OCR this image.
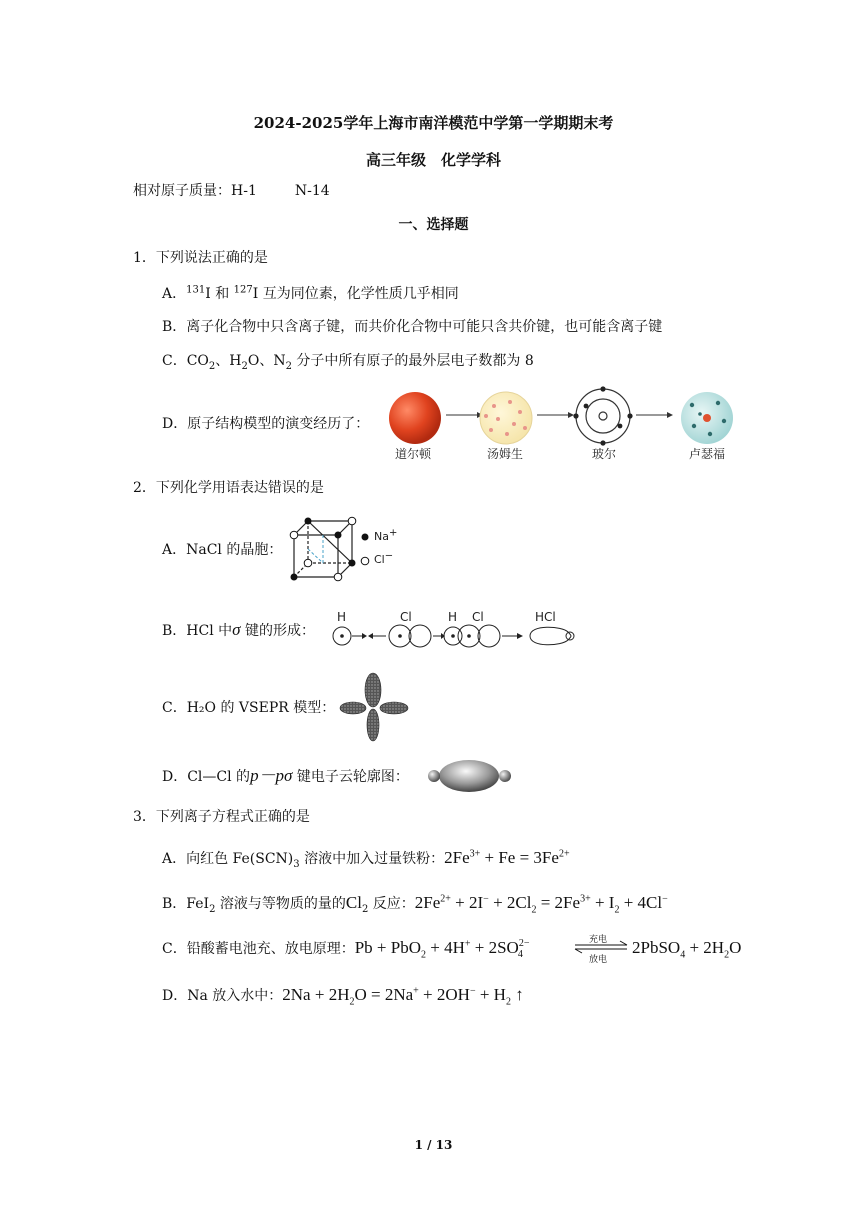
2024-2025学年上海市南洋模范中学第一学期期末考
高三年级　化学学科
相对原子质量：H-1	N-14
一、选择题
1．下列说法正确的是
A．$^{131}$I 和 $^{127}$I 互为同位素，化学性质几乎相同
B．离子化合物中只含离子键，而共价化合物中可能只含共价键，也可能含离子键
C．$CO_2$、$H_2O$、$N_2$ 分子中所有原子的最外层电子数都为 8
D．原子结构模型的演变经历了：
道尔顿	汤姆生	玻尔	卢瑟福
2．下列化学用语表达错误的是
A．NaCl 的晶胞：
Na+
Cl−
B．HCl 中σ 键的形成：
H	Cl	H Cl	HCl
C．H₂O 的 VSEPR 模型：
D．Cl—Cl 的p－pσ 键电子云轮廓图：
3．下列离子方程式正确的是
A．向红色 $Fe(SCN)_3$ 溶液中加入过量铁粉：$2Fe^{3+} + Fe = 3Fe^{2+}$
B．FeI$_2$ 溶液与等物质的量的$Cl_2$ 反应：$2Fe^{2+} + 2I^- + 2Cl_2 = 2Fe^{3+} + I_2 + 4Cl^-$
C．铅酸蓄电池充、放电原理：$Pb + PbO_2 + 4H^+ + 2SO_4^{2-}$	充电
放电
2PbSO$_4$ + $2H_2O$
D．Na 放入水中：$2Na + 2H_2O = 2Na^+ + 2OH^- + H_2$ ↑
1 / 13
